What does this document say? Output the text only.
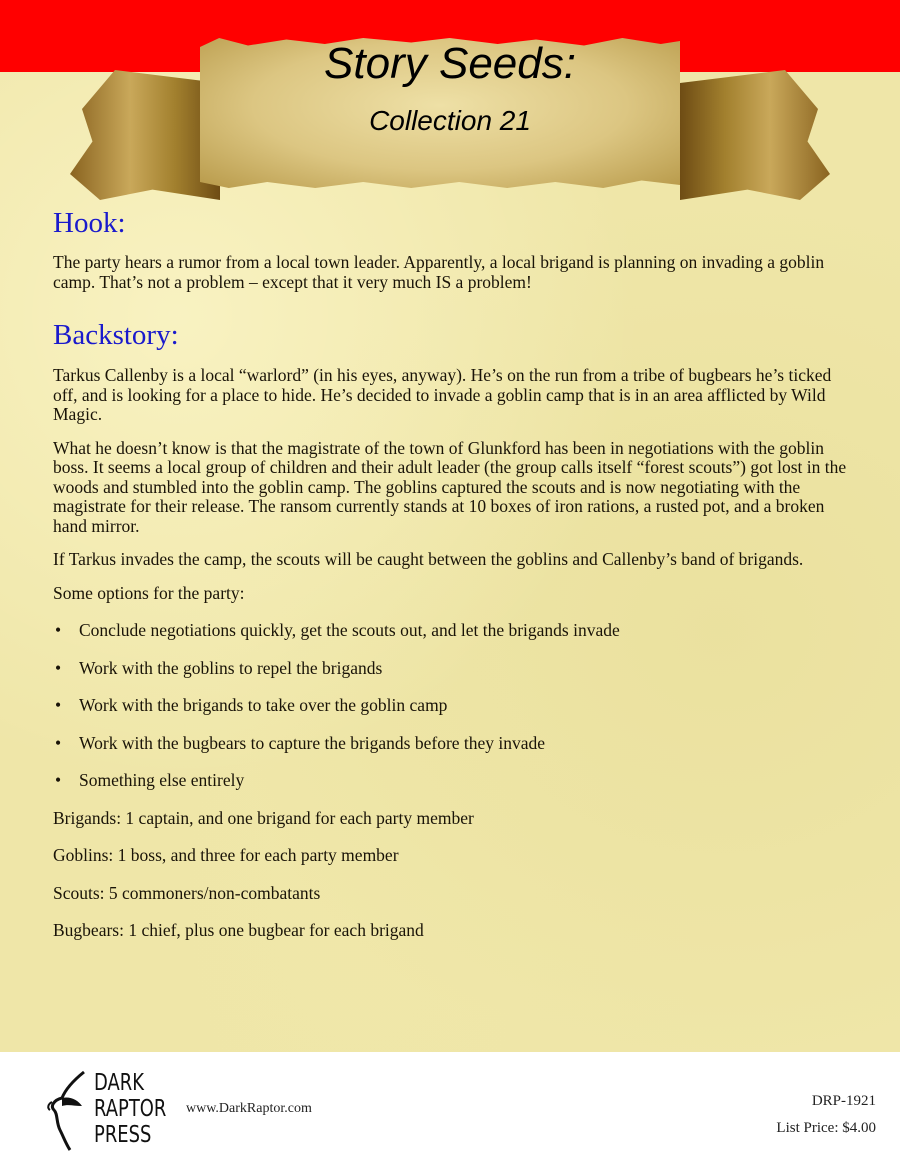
Story Seeds:
Collection 21
Hook:

The party hears a rumor from a local town leader. Apparently, a local brigand is planning on invading a goblin camp. That’s not a problem – except that it very much IS a problem!

Backstory:

Tarkus Callenby is a local “warlord” (in his eyes, anyway). He’s on the run from a tribe of bugbears he’s ticked off, and is looking for a place to hide. He’s decided to invade a goblin camp that is in an area afflicted by Wild Magic.

What he doesn’t know is that the magistrate of the town of Glunkford has been in negotiations with the goblin boss. It seems a local group of children and their adult leader (the group calls itself “forest scouts”) got lost in the woods and stumbled into the goblin camp. The goblins captured the scouts and is now negotiating with the magistrate for their release. The ransom currently stands at 10 boxes of iron rations, a rusted pot, and a broken hand mirror.

If Tarkus invades the camp, the scouts will be caught between the goblins and Callenby’s band of brigands.

Some options for the party:

• Conclude negotiations quickly, get the scouts out, and let the brigands invade
• Work with the goblins to repel the brigands
• Work with the brigands to take over the goblin camp
• Work with the bugbears to capture the brigands before they invade
• Something else entirely

Brigands: 1 captain, and one brigand for each party member

Goblins: 1 boss, and three for each party member

Scouts: 5 commoners/non-combatants

Bugbears: 1 chief, plus one bugbear for each brigand

DARK
RAPTOR
PRESS
www.DarkRaptor.com	DRP-1921
List Price: $4.00
